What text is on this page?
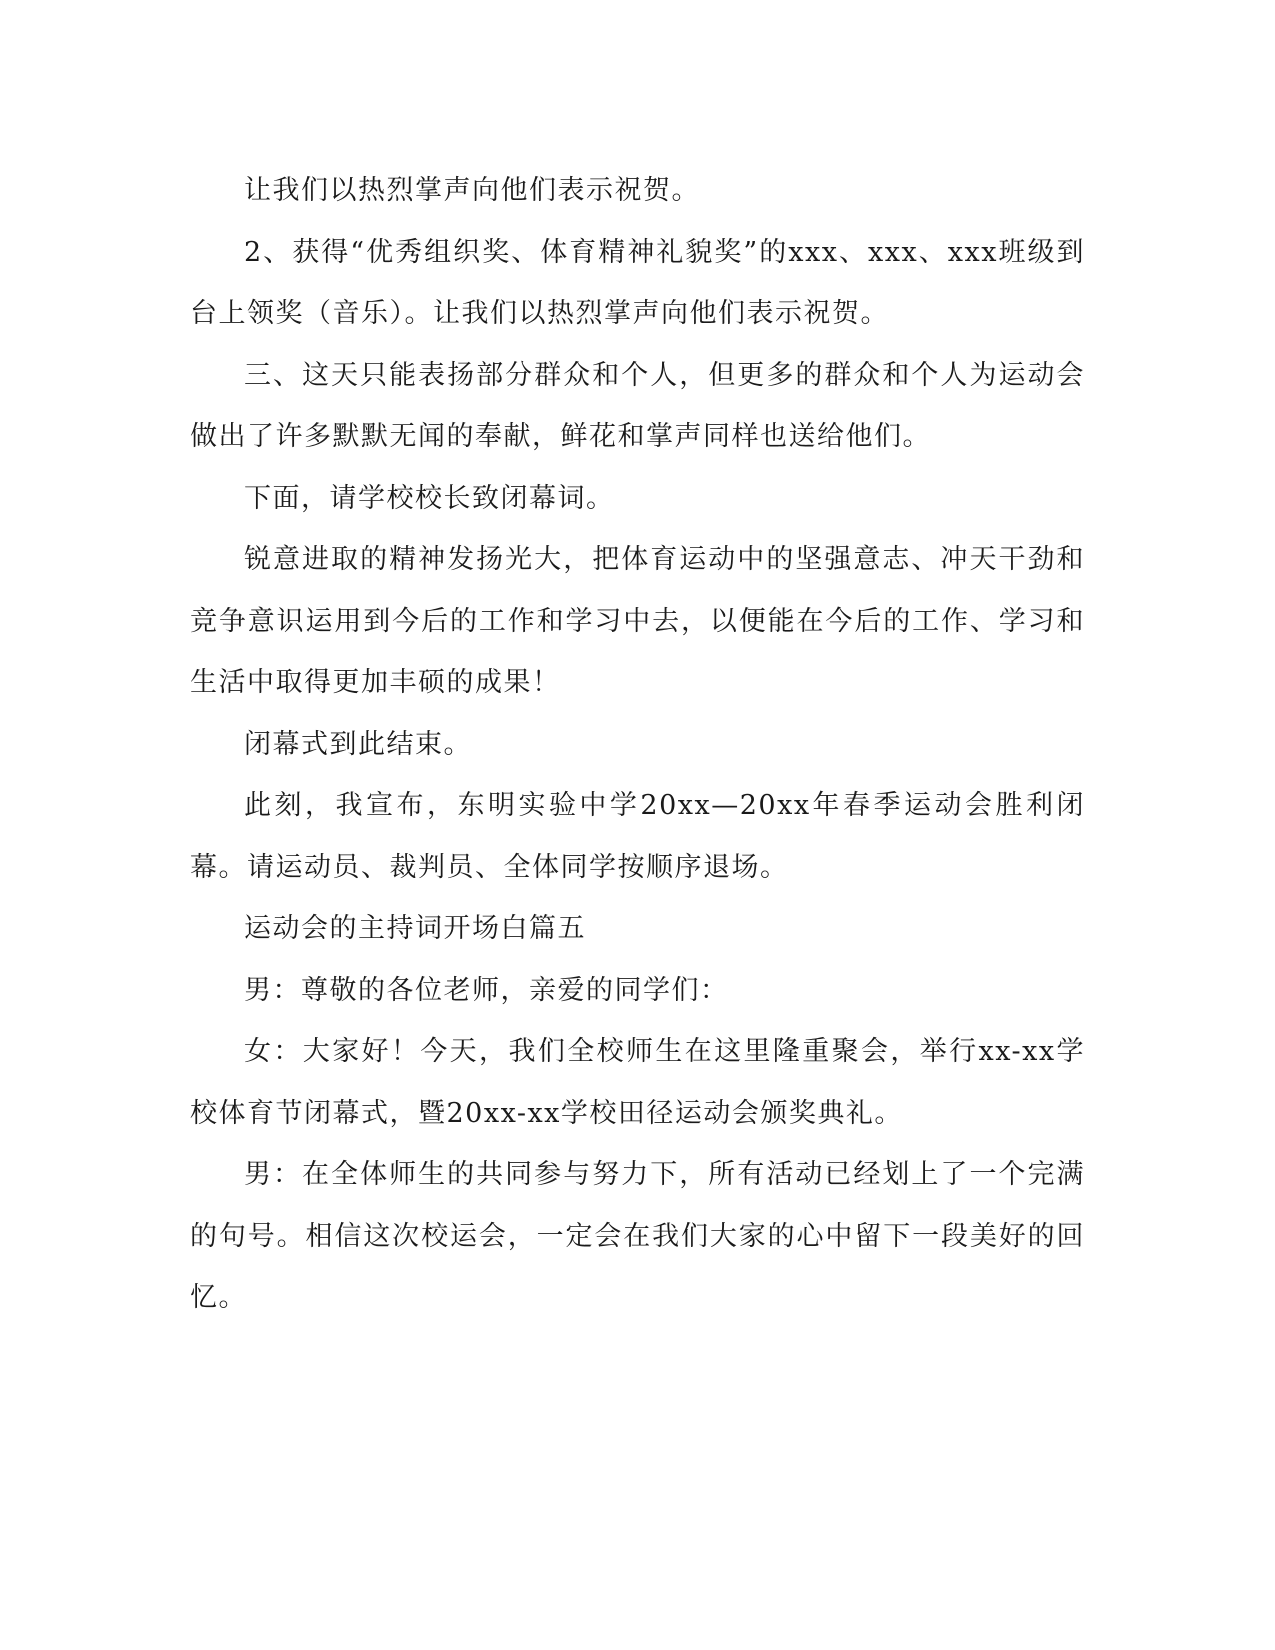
让我们以热烈掌声向他们表示祝贺。

2、获得“优秀组织奖、体育精神礼貌奖”的xxx、xxx、xxx班级到台上领奖（音乐）。让我们以热烈掌声向他们表示祝贺。

三、这天只能表扬部分群众和个人，但更多的群众和个人为运动会做出了许多默默无闻的奉献，鲜花和掌声同样也送给他们。

下面，请学校校长致闭幕词。

锐意进取的精神发扬光大，把体育运动中的坚强意志、冲天干劲和竞争意识运用到今后的工作和学习中去，以便能在今后的工作、学习和生活中取得更加丰硕的成果！

闭幕式到此结束。

此刻，我宣布，东明实验中学20xx—20xx年春季运动会胜利闭幕。请运动员、裁判员、全体同学按顺序退场。

运动会的主持词开场白篇五

男：尊敬的各位老师，亲爱的同学们：

女：大家好！今天，我们全校师生在这里隆重聚会，举行xx-xx学校体育节闭幕式，暨20xx-xx学校田径运动会颁奖典礼。

男：在全体师生的共同参与努力下，所有活动已经划上了一个完满的句号。相信这次校运会，一定会在我们大家的心中留下一段美好的回忆。
